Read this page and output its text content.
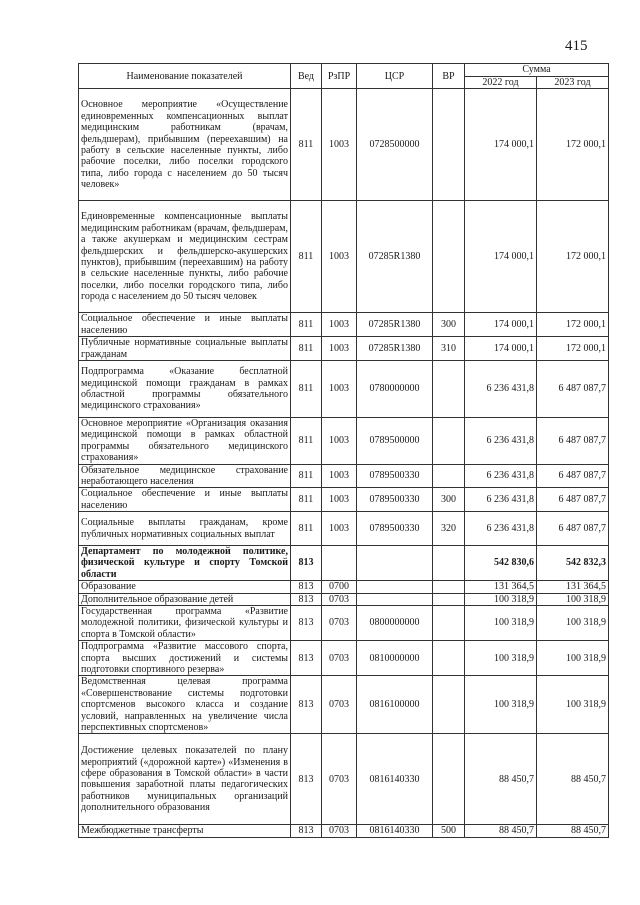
415
Наименование показателей	Вед	РзПР	ЦСР	ВР	Сумма	
					2022 год	2023 год
Основное мероприятие «Осуществление единовременных компенсационных выплат медицинским работникам (врачам, фельдшерам), прибывшим (переехавшим) на работу в сельские населенные пункты, либо рабочие поселки, либо поселки городского типа, либо города с населением до 50 тысяч человек»	811	1003	0728500000		174 000,1	172 000,1
Единовременные компенсационные выплаты медицинским работникам (врачам, фельдшерам, а также акушеркам и медицинским сестрам фельдшерских и фельдшерско-акушерских пунктов), прибывшим (переехавшим) на работу в сельские населенные пункты, либо рабочие поселки, либо поселки городского типа, либо города с населением до 50 тысяч человек	811	1003	07285R1380		174 000,1	172 000,1
Социальное обеспечение и иные выплаты населению	811	1003	07285R1380	300	174 000,1	172 000,1
Публичные нормативные социальные выплаты гражданам	811	1003	07285R1380	310	174 000,1	172 000,1
Подпрограмма «Оказание бесплатной медицинской помощи гражданам в рамках областной программы обязательного медицинского страхования»	811	1003	0780000000		6 236 431,8	6 487 087,7
Основное мероприятие «Организация оказания медицинской помощи в рамках областной программы обязательного медицинского страхования»	811	1003	0789500000		6 236 431,8	6 487 087,7
Обязательное медицинское страхование неработающего населения	811	1003	0789500330		6 236 431,8	6 487 087,7
Социальное обеспечение и иные выплаты населению	811	1003	0789500330	300	6 236 431,8	6 487 087,7
Социальные выплаты гражданам, кроме публичных нормативных социальных выплат	811	1003	0789500330	320	6 236 431,8	6 487 087,7
Департамент по молодежной политике, физической культуре и спорту Томской области	813				542 830,6	542 832,3
Образование	813	0700			131 364,5	131 364,5
Дополнительное образование детей	813	0703			100 318,9	100 318,9
Государственная программа «Развитие молодежной политики, физической культуры и спорта в Томской области»	813	0703	0800000000		100 318,9	100 318,9
Подпрограмма «Развитие массового спорта, спорта высших достижений и системы подготовки спортивного резерва»	813	0703	0810000000		100 318,9	100 318,9
Ведомственная целевая программа «Совершенствование системы подготовки спортсменов высокого класса и создание условий, направленных на увеличение числа перспективных спортсменов»	813	0703	0816100000		100 318,9	100 318,9
Достижение целевых показателей по плану мероприятий («дорожной карте») «Изменения в сфере образования в Томской области» в части повышения заработной платы педагогических работников муниципальных организаций дополнительного образования	813	0703	0816140330		88 450,7	88 450,7
Межбюджетные трансферты	813	0703	0816140330	500	88 450,7	88 450,7
